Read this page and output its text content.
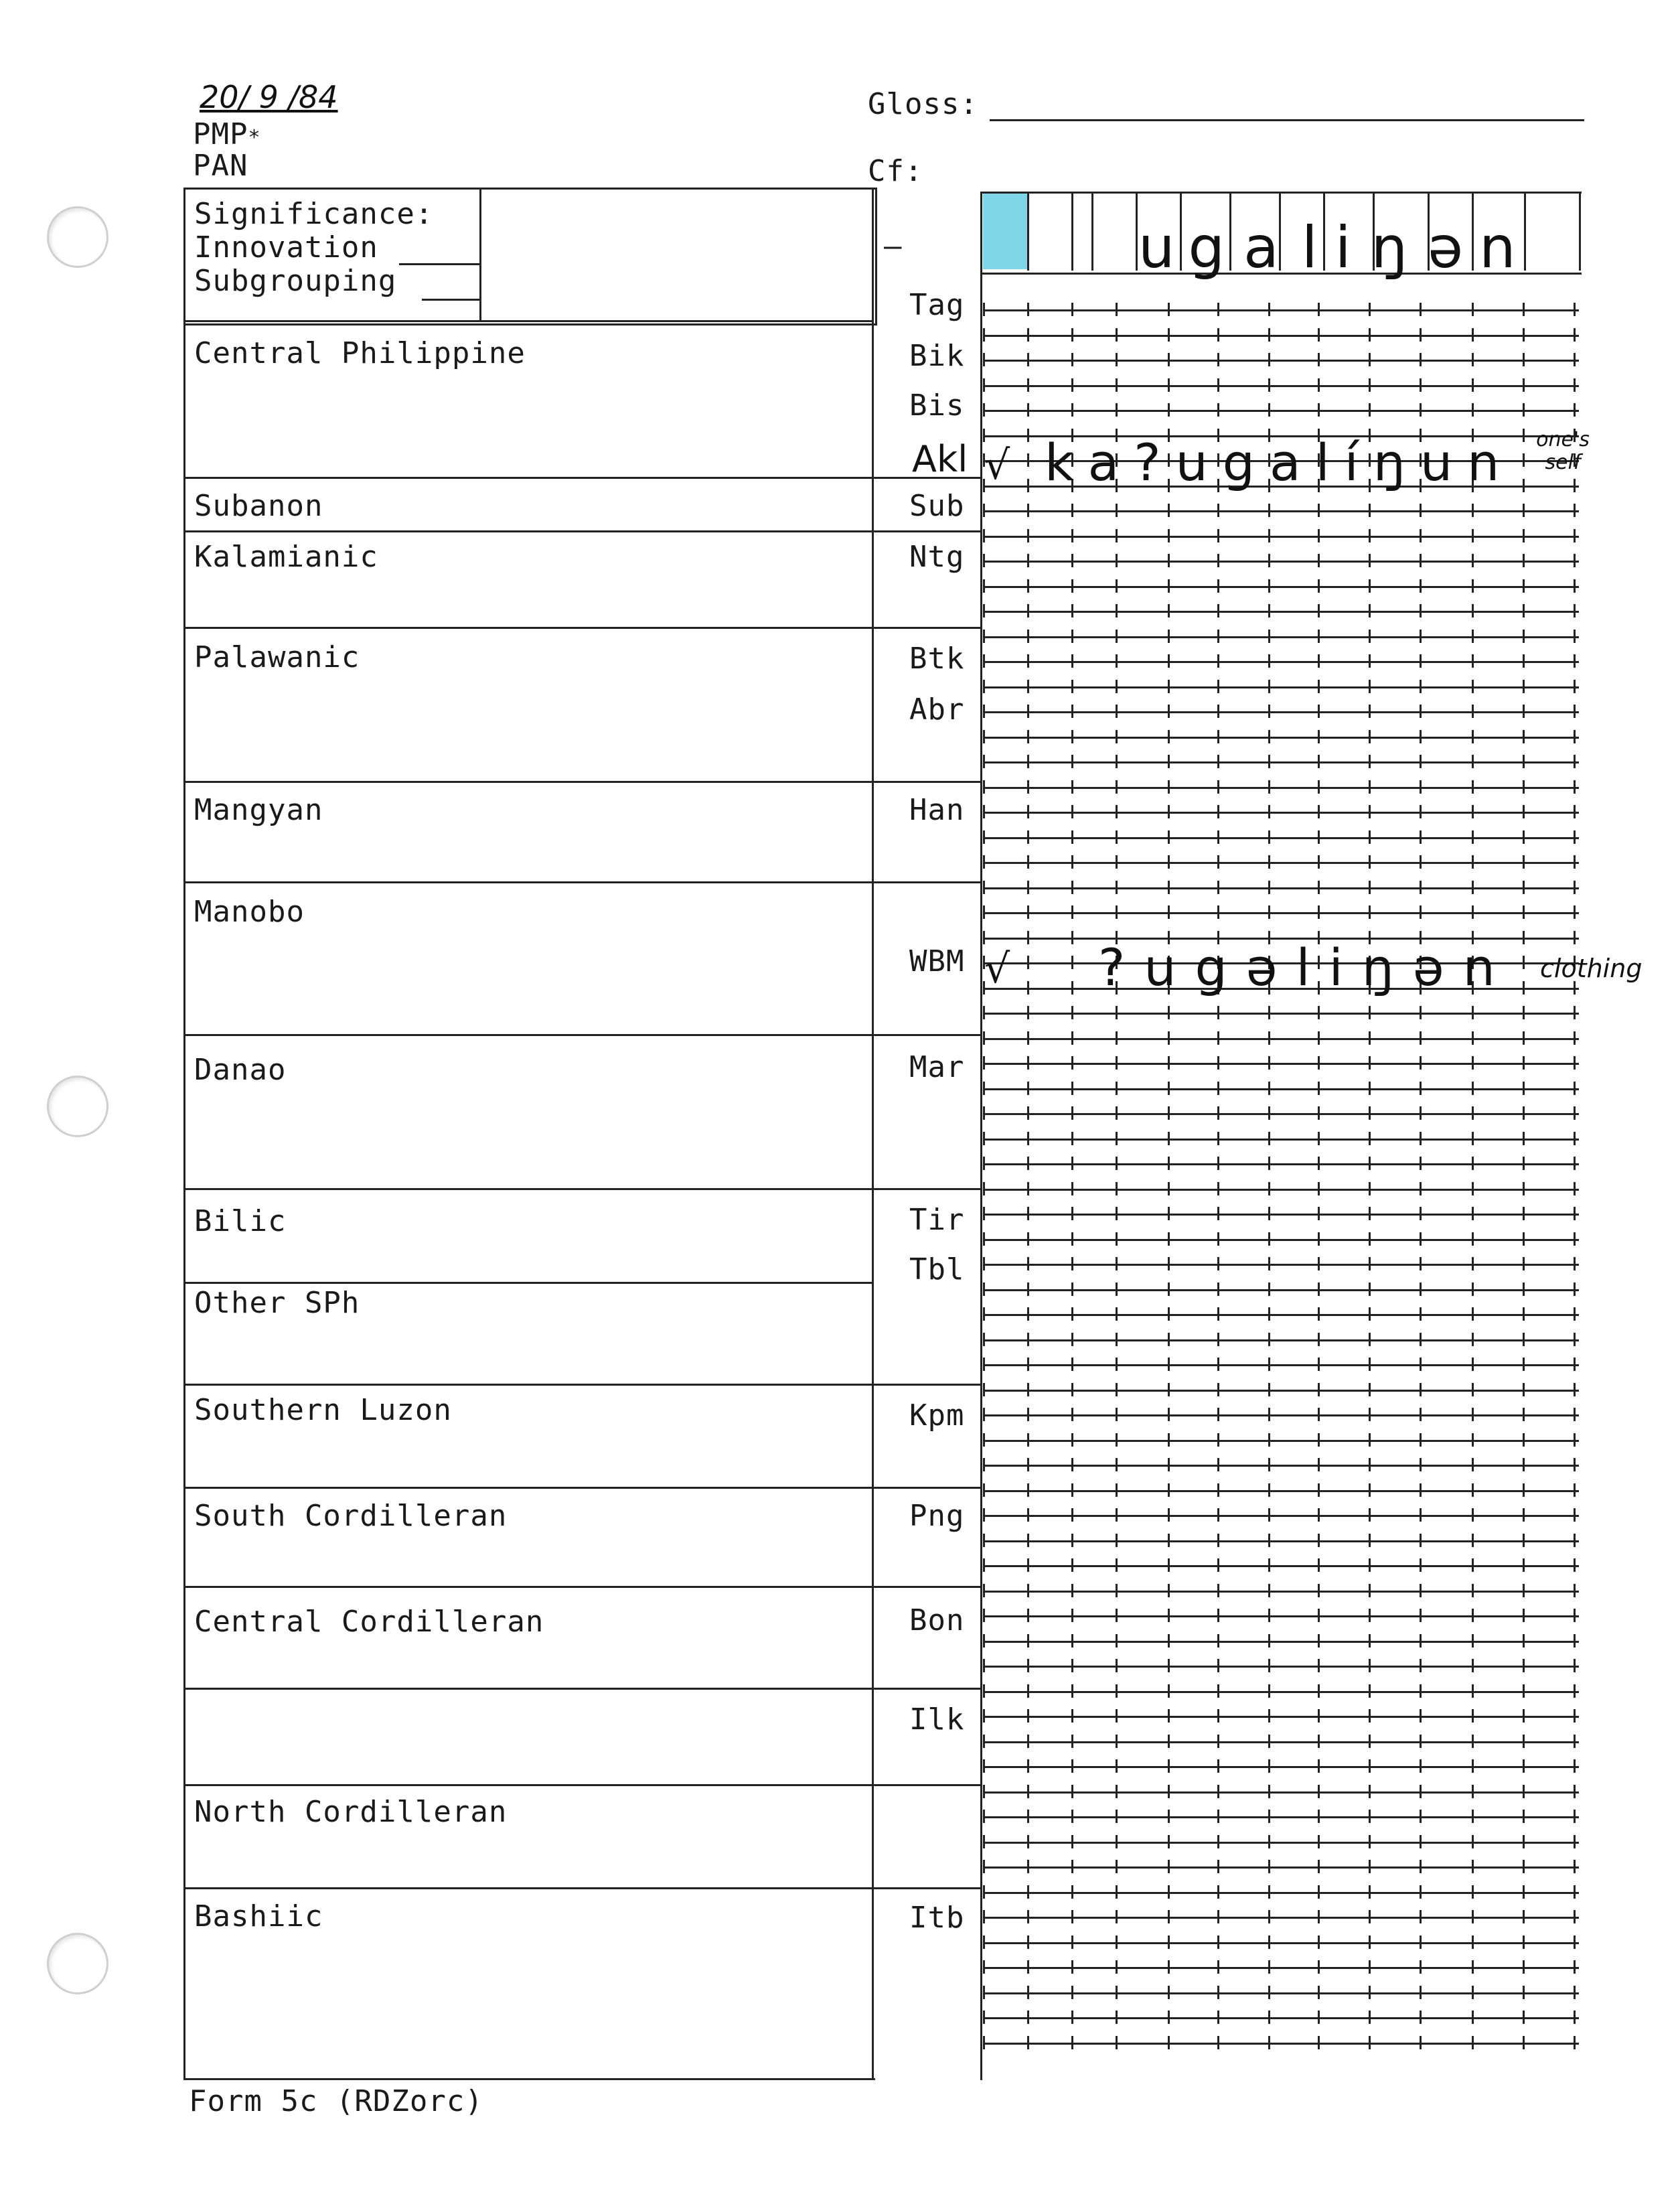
20/ 9 /84
PMP*
PAN
Gloss:
Cf:
Significance:
Innovation
Subgrouping
—	u g a l i ŋ ə n
Central Philippine
Subanon
Kalamianic
Palawanic
Mangyan
Manobo
Danao
Bilic
Other SPh
Southern Luzon
South Cordilleran
Central Cordilleran
North Cordilleran
Bashiic
Tag
Bik
Bis
Akl
Sub
Ntg
Btk
Abr
Han
WBM
Mar
Tir
Tbl
Kpm
Png
Bon
Ilk
Itb
√ ka?ugalíŋun one's self
√ ?ugəliŋən clothing
Form 5c (RDZorc)
